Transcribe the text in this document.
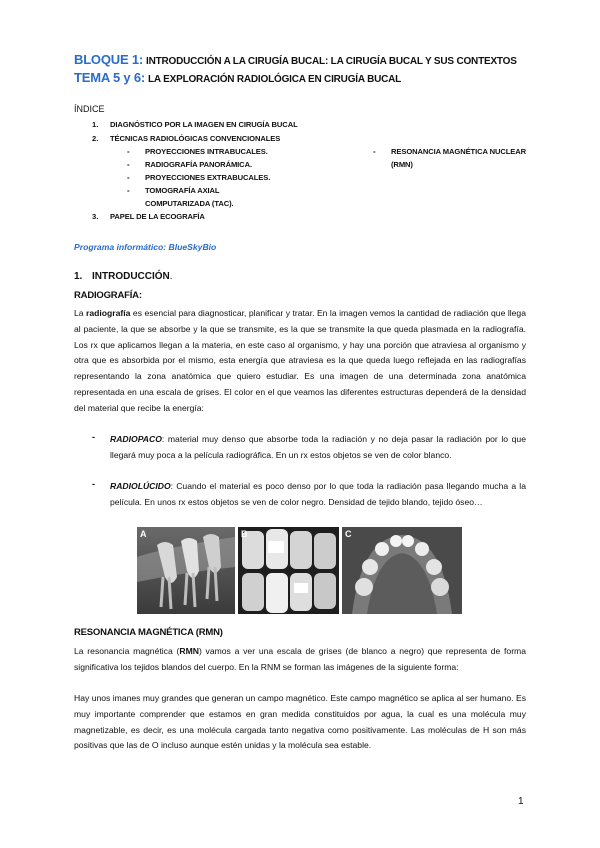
BLOQUE 1: INTRODUCCIÓN A LA CIRUGÍA BUCAL: LA CIRUGÍA BUCAL Y SUS CONTEXTOS
TEMA 5 y 6: LA EXPLORACIÓN RADIOLÓGICA EN CIRUGÍA BUCAL
ÍNDICE
1. DIAGNÓSTICO POR LA IMAGEN EN CIRUGÍA BUCAL
2. TÉCNICAS RADIOLÓGICAS CONVENCIONALES
- PROYECCIONES INTRABUCALES.
- RADIOGRAFÍA PANORÁMICA.
- PROYECCIONES EXTRABUCALES.
- TOMOGRAFÍA AXIAL
COMPUTARIZADA (TAC).
- RESONANCIA MAGNÉTICA NUCLEAR
(RMN)
3. PAPEL DE LA ECOGRAFÍA
Programa informático: BlueSkyBio
1. INTRODUCCIÓN.
RADIOGRAFÍA:

La radiografía es esencial para diagnosticar, planificar y tratar. En la imagen vemos la cantidad de radiación que llega al paciente, la que se absorbe y la que se transmite, es la que se transmite la que queda plasmada en la radiografía. Los rx que aplicamos llegan a la materia, en este caso al organismo, y hay una porción que atraviesa al organismo y otra que es absorbida por el mismo, esta energía que atraviesa es la que queda luego reflejada en las radiografías representando la zona anatómica que quiero estudiar. Es una imagen de una determinada zona anatómica representada en una escala de grises. El color en el que veamos las diferentes estructuras dependerá de la densidad del material que recibe la energía:

- RADIOPACO: material muy denso que absorbe toda la radiación y no deja pasar la radiación por lo que llegará muy poca a la película radiográfica. En un rx estos objetos se ven de color blanco.

- RADIOLÚCIDO: Cuando el material es poco denso por lo que toda la radiación pasa llegando mucha a la película. En unos rx estos objetos se ven de color negro. Densidad de tejido blando, tejido óseo…

A	B	C
RESONANCIA MAGNÉTICA (RMN)

La resonancia magnética (RMN) vamos a ver una escala de grises (de blanco a negro) que representa de forma significativa los tejidos blandos del cuerpo. En la RNM se forman las imágenes de la siguiente forma:

Hay unos imanes muy grandes que generan un campo magnético. Este campo magnético se aplica al ser humano. Es muy importante comprender que estamos en gran medida constituidos por agua, la cual es una molécula muy magnetizable, es decir, es una molécula cargada tanto negativa como positivamente. Las moléculas de H son más positivas que las de O incluso aunque estén unidas y la molécula sea estable.

1
